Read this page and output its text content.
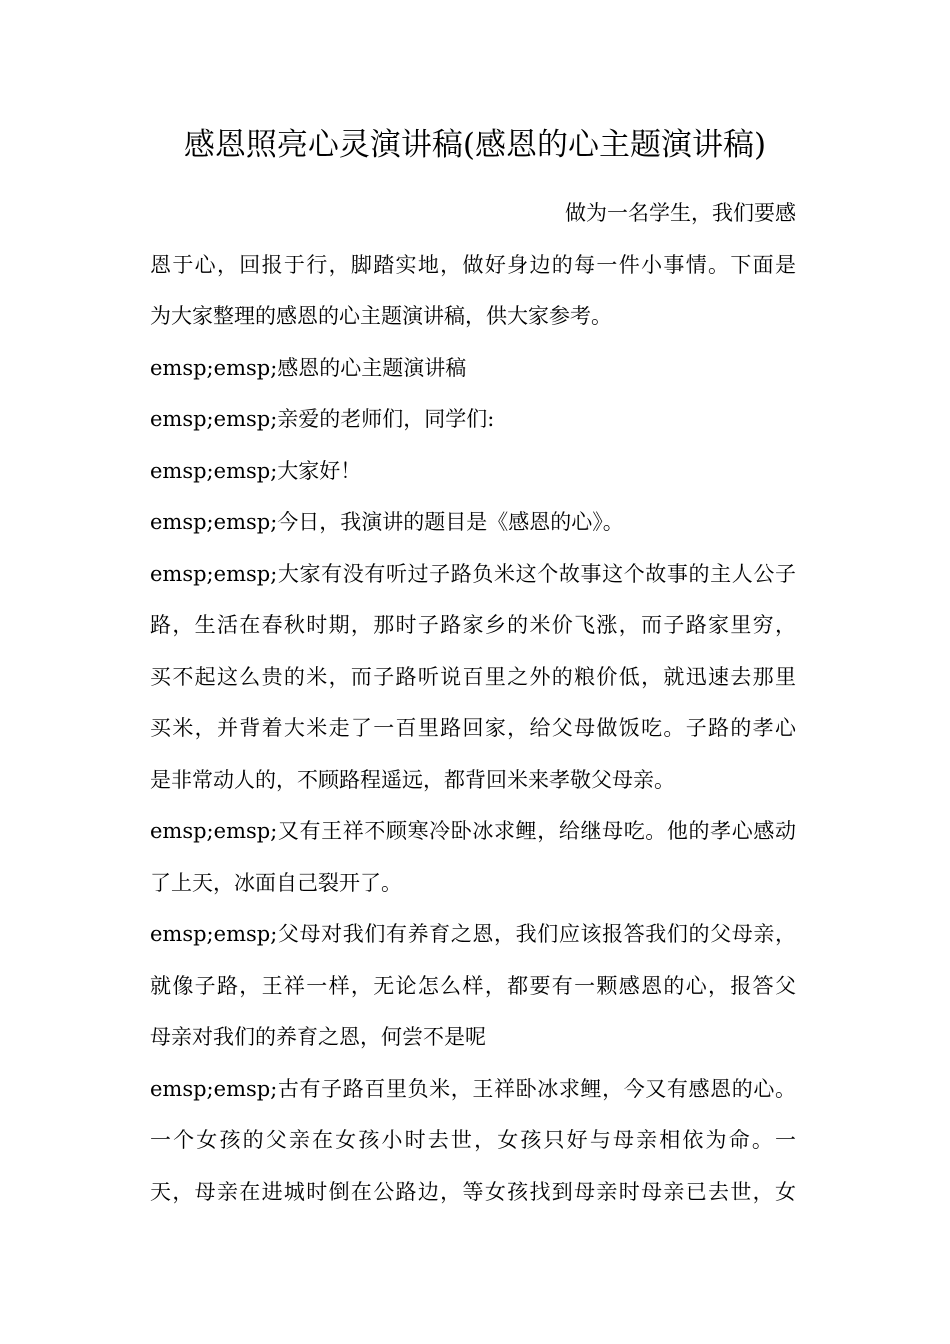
感恩照亮心灵演讲稿(感恩的心主题演讲稿)
做为一名学生，我们要感
恩于心，回报于行，脚踏实地，做好身边的每一件小事情。下面是
为大家整理的感恩的心主题演讲稿，供大家参考。
emsp;emsp;感恩的心主题演讲稿
emsp;emsp;亲爱的老师们，同学们:
emsp;emsp;大家好！
emsp;emsp;今日，我演讲的题目是《感恩的心》。
emsp;emsp;大家有没有听过子路负米这个故事这个故事的主人公子
路，生活在春秋时期，那时子路家乡的米价飞涨，而子路家里穷，
买不起这么贵的米，而子路听说百里之外的粮价低，就迅速去那里
买米，并背着大米走了一百里路回家，给父母做饭吃。子路的孝心
是非常动人的，不顾路程遥远，都背回米来孝敬父母亲。
emsp;emsp;又有王祥不顾寒冷卧冰求鲤，给继母吃。他的孝心感动
了上天，冰面自己裂开了。
emsp;emsp;父母对我们有养育之恩，我们应该报答我们的父母亲，
就像子路，王祥一样，无论怎么样，都要有一颗感恩的心，报答父
母亲对我们的养育之恩，何尝不是呢
emsp;emsp;古有子路百里负米，王祥卧冰求鲤，今又有感恩的心。
一个女孩的父亲在女孩小时去世，女孩只好与母亲相依为命。一
天，母亲在进城时倒在公路边，等女孩找到母亲时母亲已去世，女
